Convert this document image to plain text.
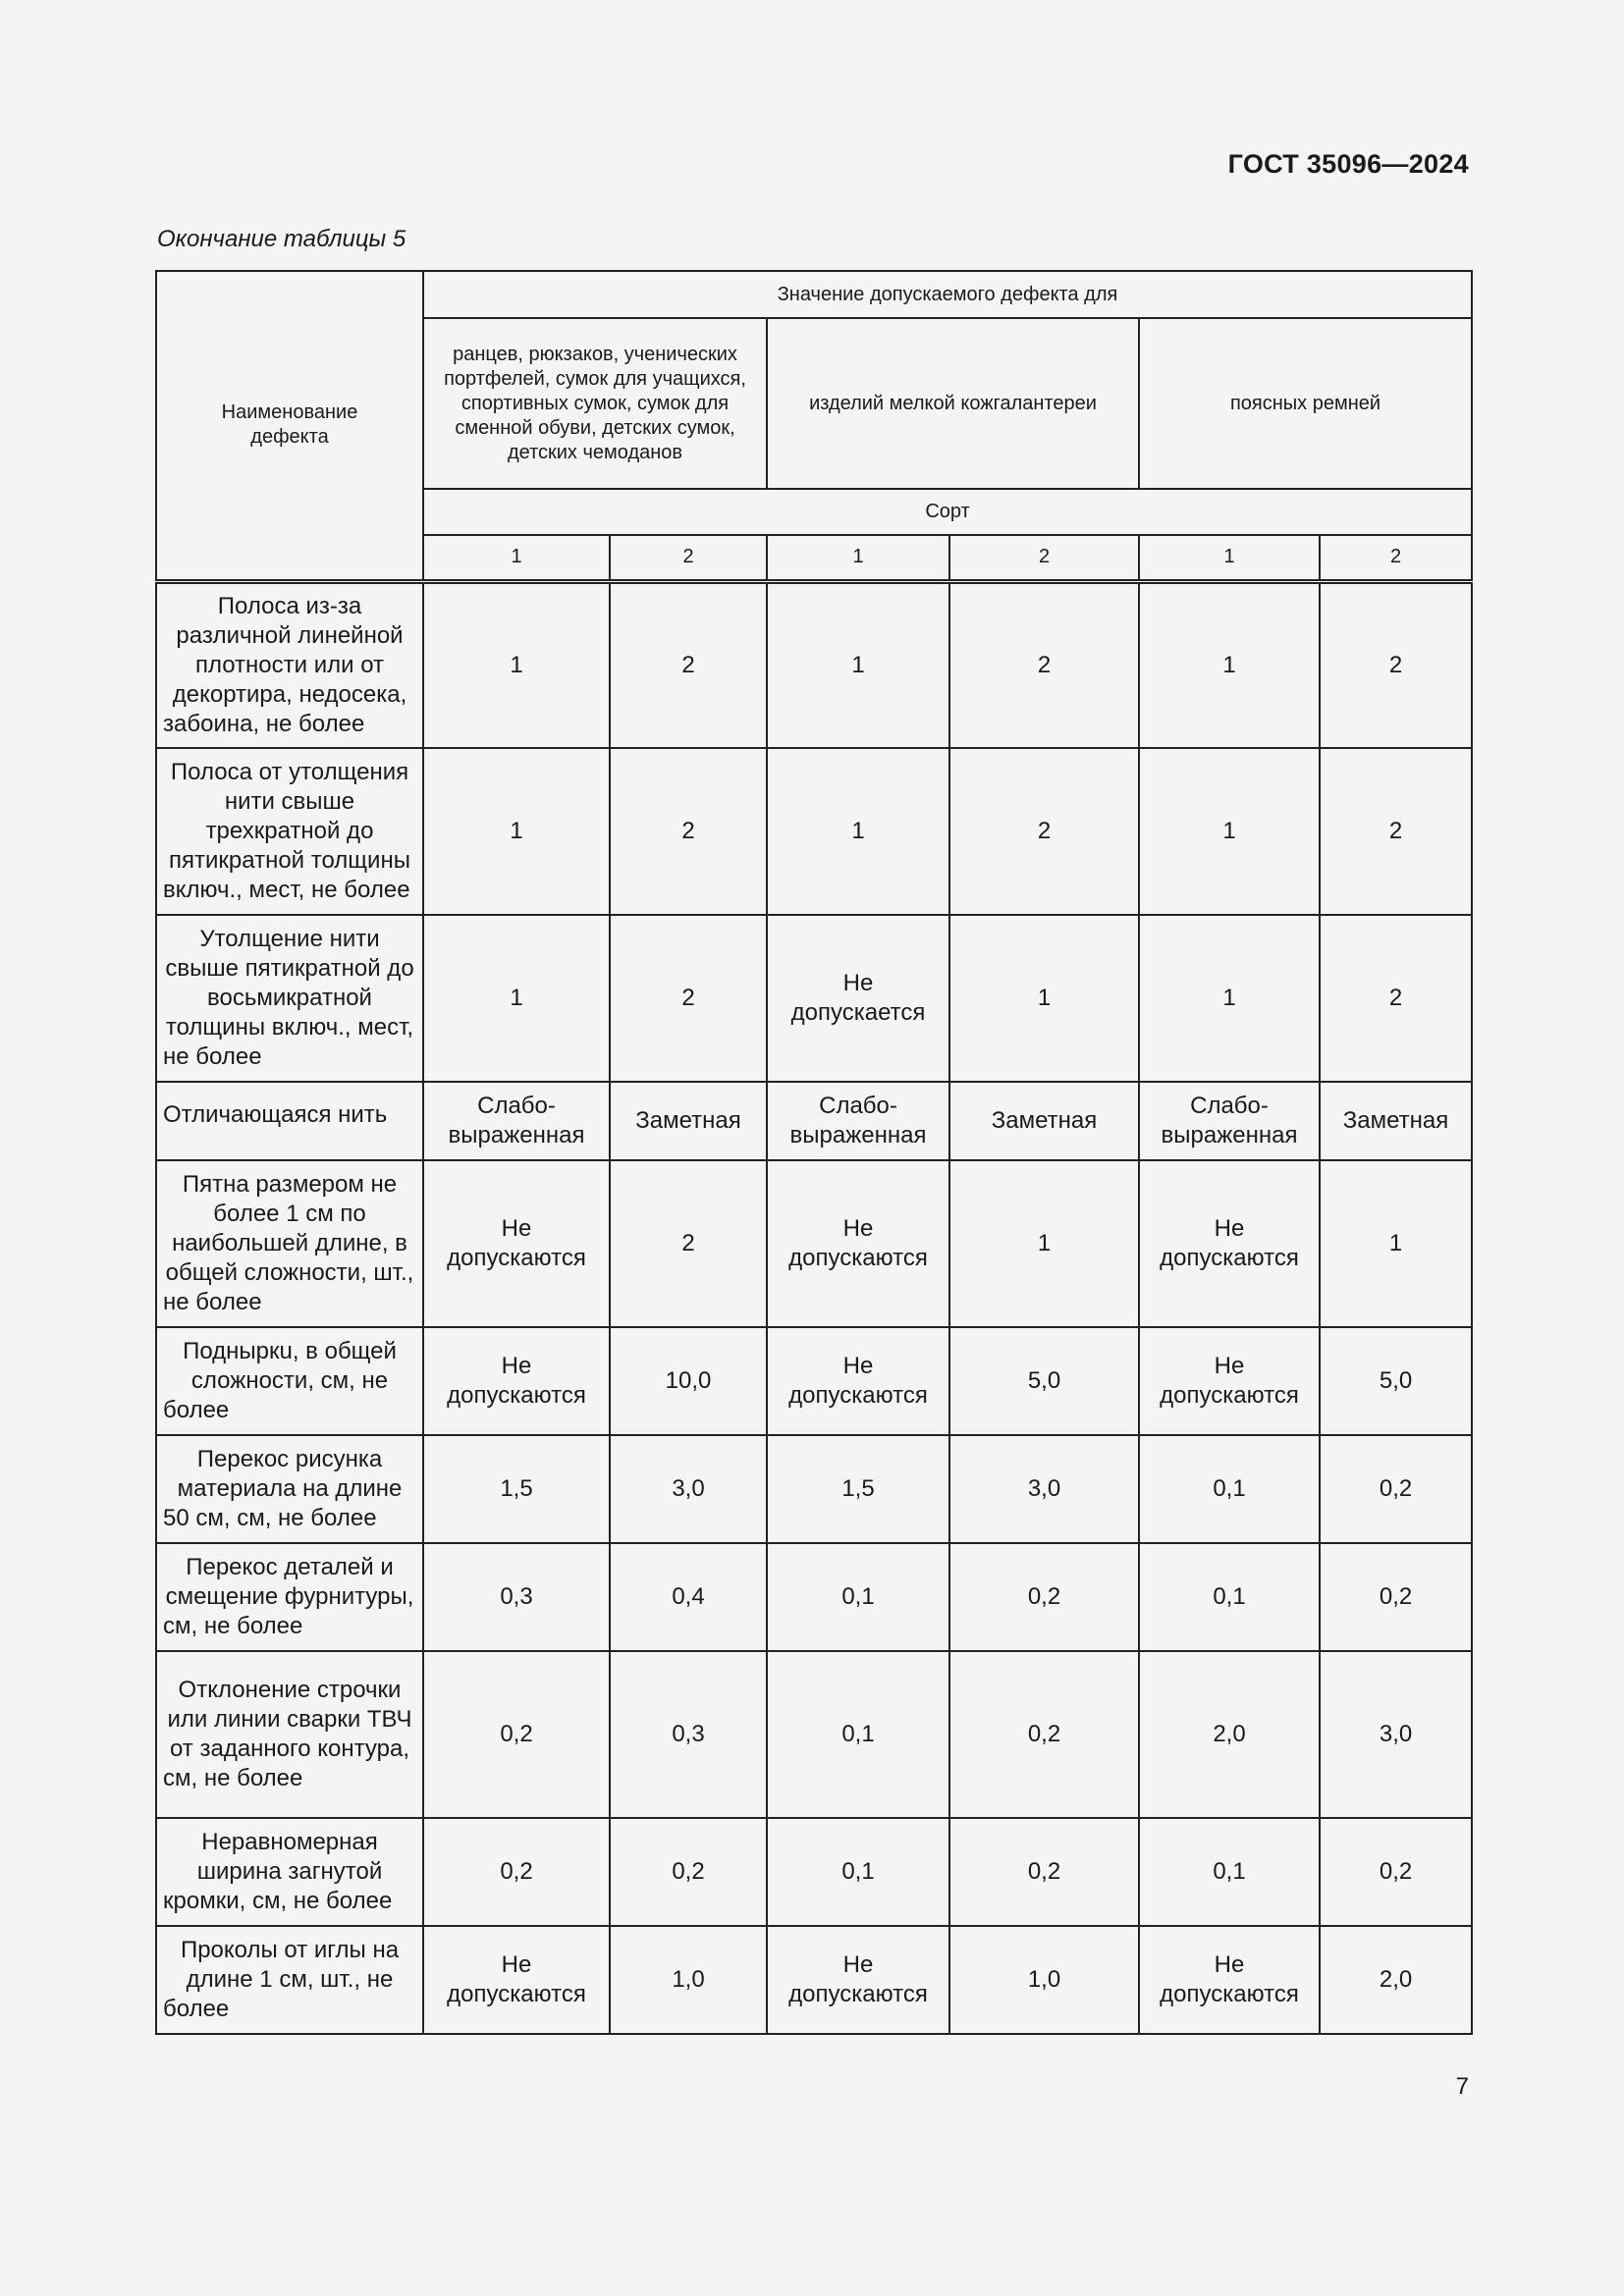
ГОСТ 35096—2024
Окончание таблицы 5
Наименование дефекта	Значение допускаемого дефекта для					
	ранцев, рюкзаков, ученических портфелей, сумок для учащихся, спортивных сумок, сумок для сменной обуви, детских сумок, детских чемоданов		изделий мелкой кожгалантереи		поясных ремней	
	Сорт					
	1	2	1	2	1	2
Полоса из-за различной линейной плотности или от декортира, недосека, забоина, не более	1	2	1	2	1	2
Полоса от утолщения нити свыше трехкратной до пятикратной толщины включ., мест, не более	1	2	1	2	1	2
Утолщение нити свыше пятикратной до восьмикратной толщины включ., мест, не более	1	2	Не допускается	1	1	2
Отличающаяся нить	Слабо-выраженная	Заметная	Слабо-выраженная	Заметная	Слабо-выраженная	Заметная
Пятна размером не более 1 см по наибольшей длине, в общей сложности, шт., не более	Не допускаются	2	Не допускаются	1	Не допускаются	1
Подныркu, в общей сложности, см, не более	Не допускаются	10,0	Не допускаются	5,0	Не допускаются	5,0
Перекос рисунка материала на длине 50 см, см, не более	1,5	3,0	1,5	3,0	0,1	0,2
Перекос деталей и смещение фурнитуры, см, не более	0,3	0,4	0,1	0,2	0,1	0,2
Отклонение строчки или линии сварки ТВЧ от заданного контура, см, не более	0,2	0,3	0,1	0,2	2,0	3,0
Неравномерная ширина загнутой кромки, см, не более	0,2	0,2	0,1	0,2	0,1	0,2
Проколы от иглы на длине 1 см, шт., не более	Не допускаются	1,0	Не допускаются	1,0	Не допускаются	2,0
7
